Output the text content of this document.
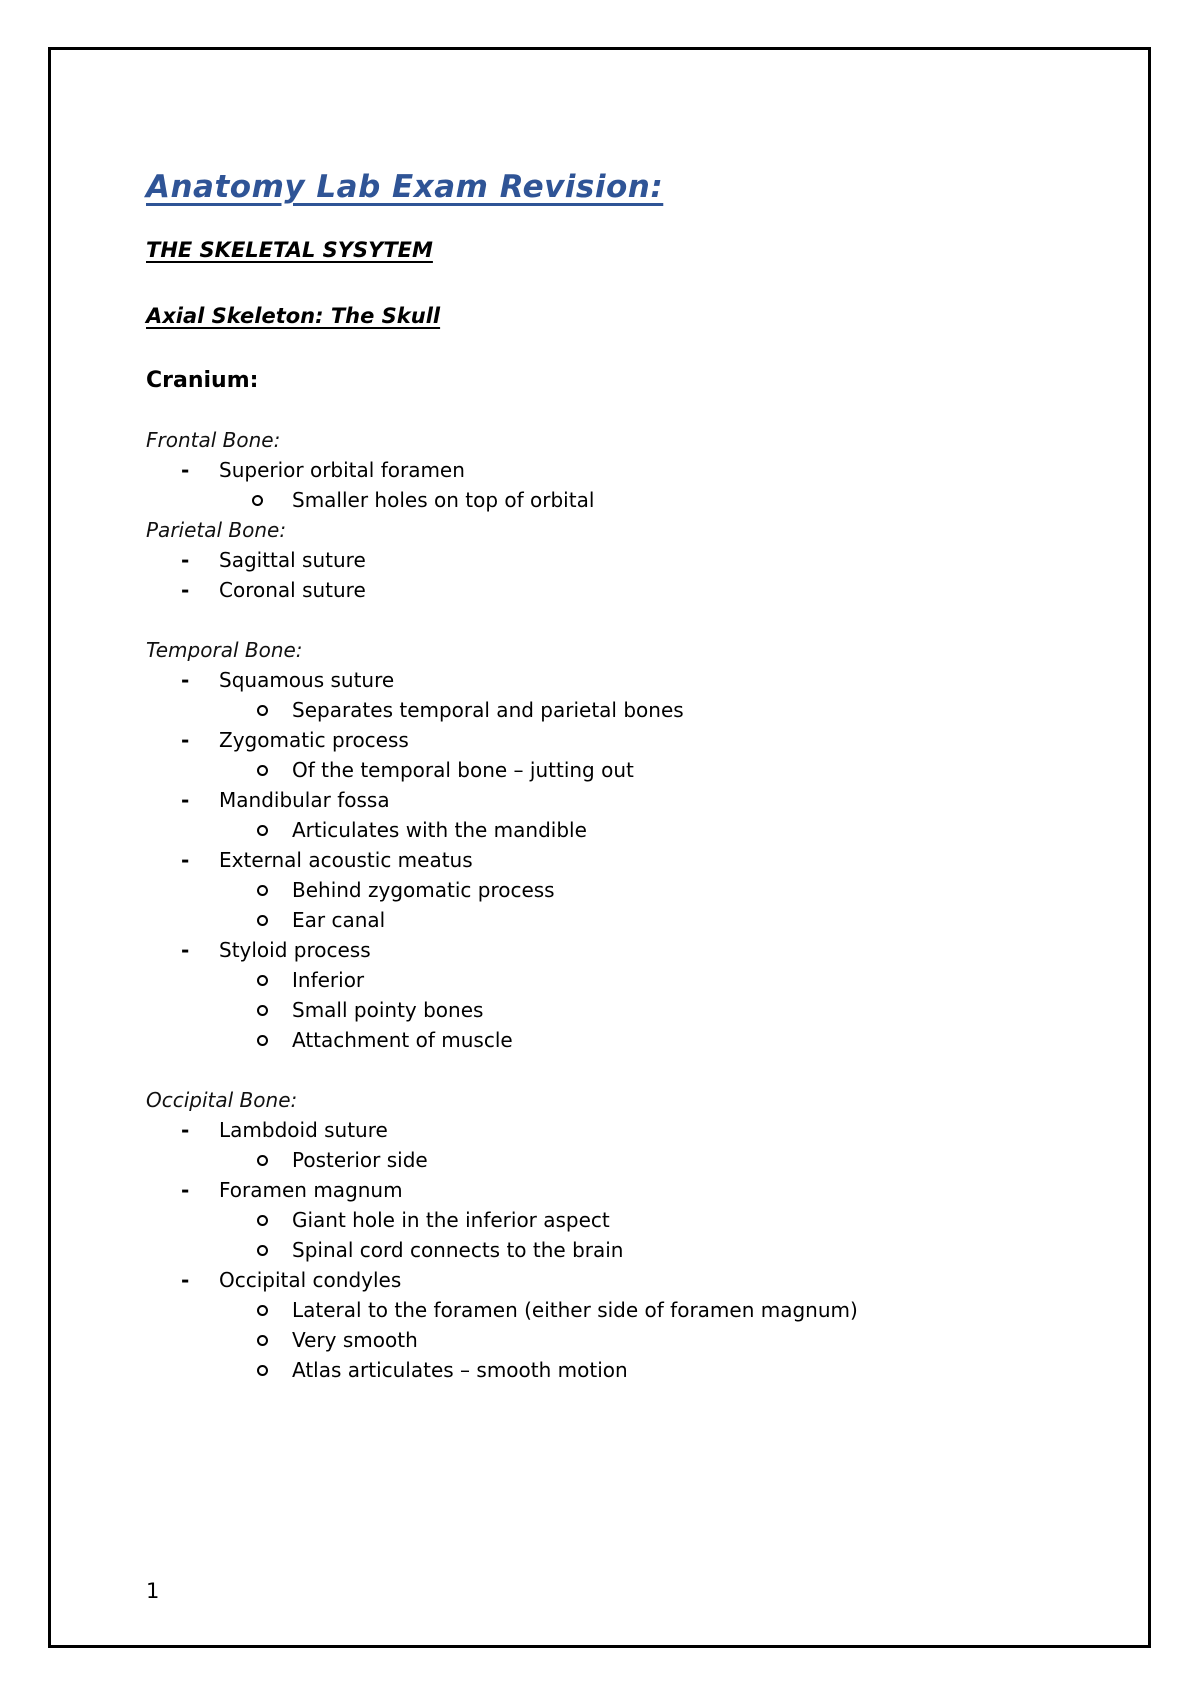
Anatomy Lab Exam Revision:
THE SKELETAL SYSYTEM
Axial Skeleton: The Skull
Cranium:
Frontal Bone:
- Superior orbital foramen
Smaller holes on top of orbital
Parietal Bone:
- Sagittal suture
- Coronal suture
Temporal Bone:
- Squamous suture
Separates temporal and parietal bones
- Zygomatic process
Of the temporal bone – jutting out
- Mandibular fossa
Articulates with the mandible
- External acoustic meatus
Behind zygomatic process
Ear canal
- Styloid process
Inferior
Small pointy bones
Attachment of muscle
Occipital Bone:
- Lambdoid suture
Posterior side
- Foramen magnum
Giant hole in the inferior aspect
Spinal cord connects to the brain
- Occipital condyles
Lateral to the foramen (either side of foramen magnum)
Very smooth
Atlas articulates – smooth motion
1
